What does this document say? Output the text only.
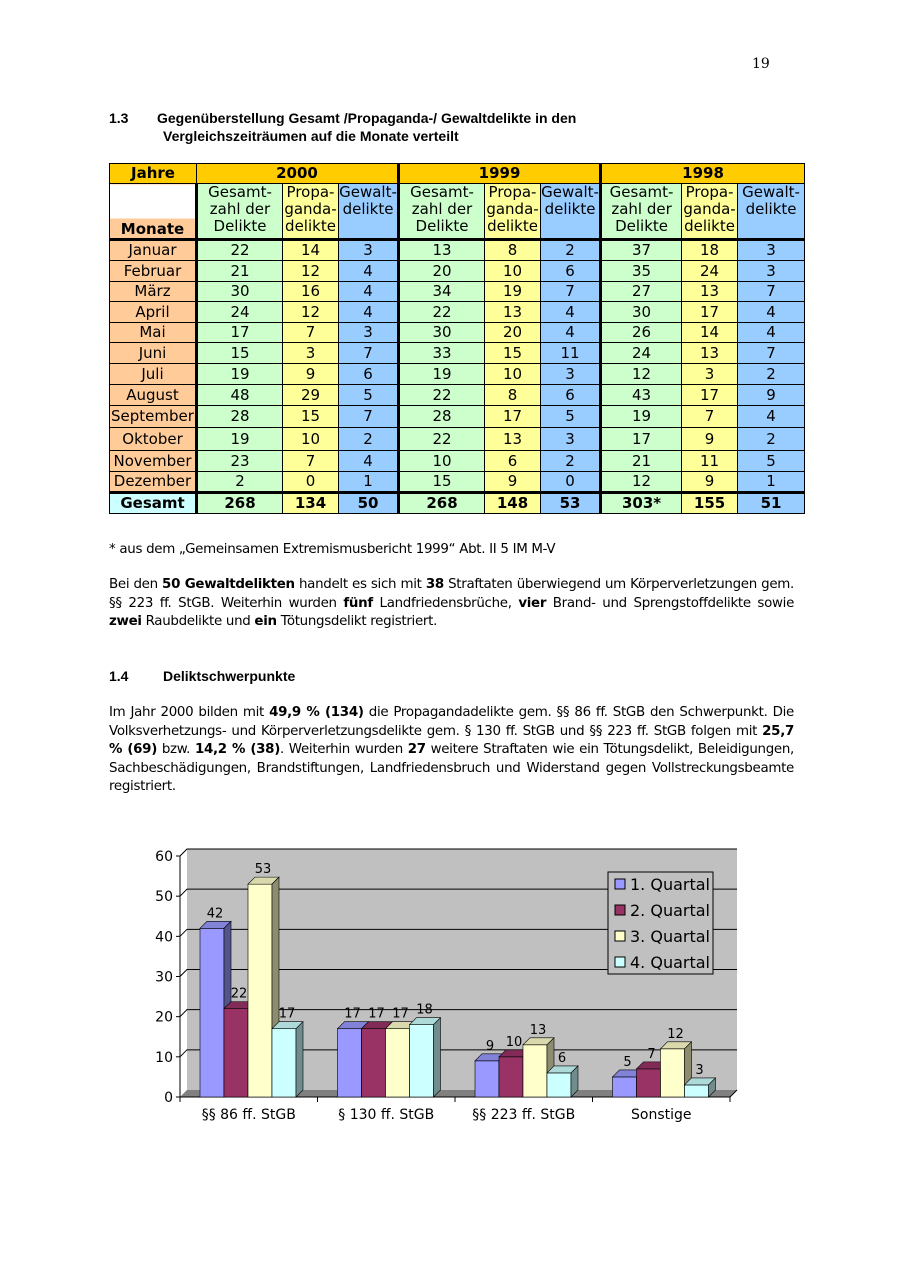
19
1.3 Gegenüberstellung Gesamt /Propaganda-/ Gewaltdelikte in den
Vergleichszeiträumen auf die Monate verteilt
Jahre	2000			1999			1998		
Monate	Gesamt-
zahl der
Delikte	Propa-
ganda-
delikte	Gewalt-
delikte	Gesamt-
zahl der
Delikte	Propa-
ganda-
delikte	Gewalt-
delikte	Gesamt-
zahl der
Delikte	Propa-
ganda-
delikte	Gewalt-
delikte

Januar	22	14	3	13	8	2	37	18	3
Februar	21	12	4	20	10	6	35	24	3
März	30	16	4	34	19	7	27	13	7
April	24	12	4	22	13	4	30	17	4
Mai	17	7	3	30	20	4	26	14	4
Juni	15	3	7	33	15	11	24	13	7
Juli	19	9	6	19	10	3	12	3	2
August	48	29	5	22	8	6	43	17	9
September	28	15	7	28	17	5	19	7	4
Oktober	19	10	2	22	13	3	17	9	2
November	23	7	4	10	6	2	21	11	5
Dezember	2	0	1	15	9	0	12	9	1
Gesamt	268	134	50	268	148	53	303*	155	51
* aus dem „Gemeinsamen Extremismusbericht 1999“ Abt. II 5 IM M-V
Bei den 50 Gewaltdelikten handelt es sich mit 38 Straftaten überwiegend um Körperverletzungen gem. §§ 223 ff. StGB. Weiterhin wurden fünf Landfriedensbrüche, vier Brand- und Sprengstoffdelikte sowie zwei Raubdelikte und ein Tötungsdelikt registriert.
1.4 Deliktschwerpunkte
Im Jahr 2000 bilden mit 49,9 % (134) die Propagandadelikte gem. §§ 86 ff. StGB den Schwerpunkt. Die Volksverhetzungs- und Körperverletzungsdelikte gem. § 130 ff. StGB und §§ 223 ff. StGB folgen mit 25,7 % (69) bzw. 14,2 % (38). Weiterhin wurden 27 weitere Straftaten wie ein Tötungsdelikt, Beleidigungen, Sachbeschädigungen, Brandstiftungen, Landfriedensbruch und Widerstand gegen Vollstreckungsbeamte registriert.
0
10
20
30
40
50
60
§§ 86 ff. StGB	§ 130 ff. StGB	§§ 223 ff. StGB	Sonstige
42
17
9
5
22
17
10
7
53
17
13	12
17	18
6
3
1. Quartal
2. Quartal
3. Quartal
4. Quartal
